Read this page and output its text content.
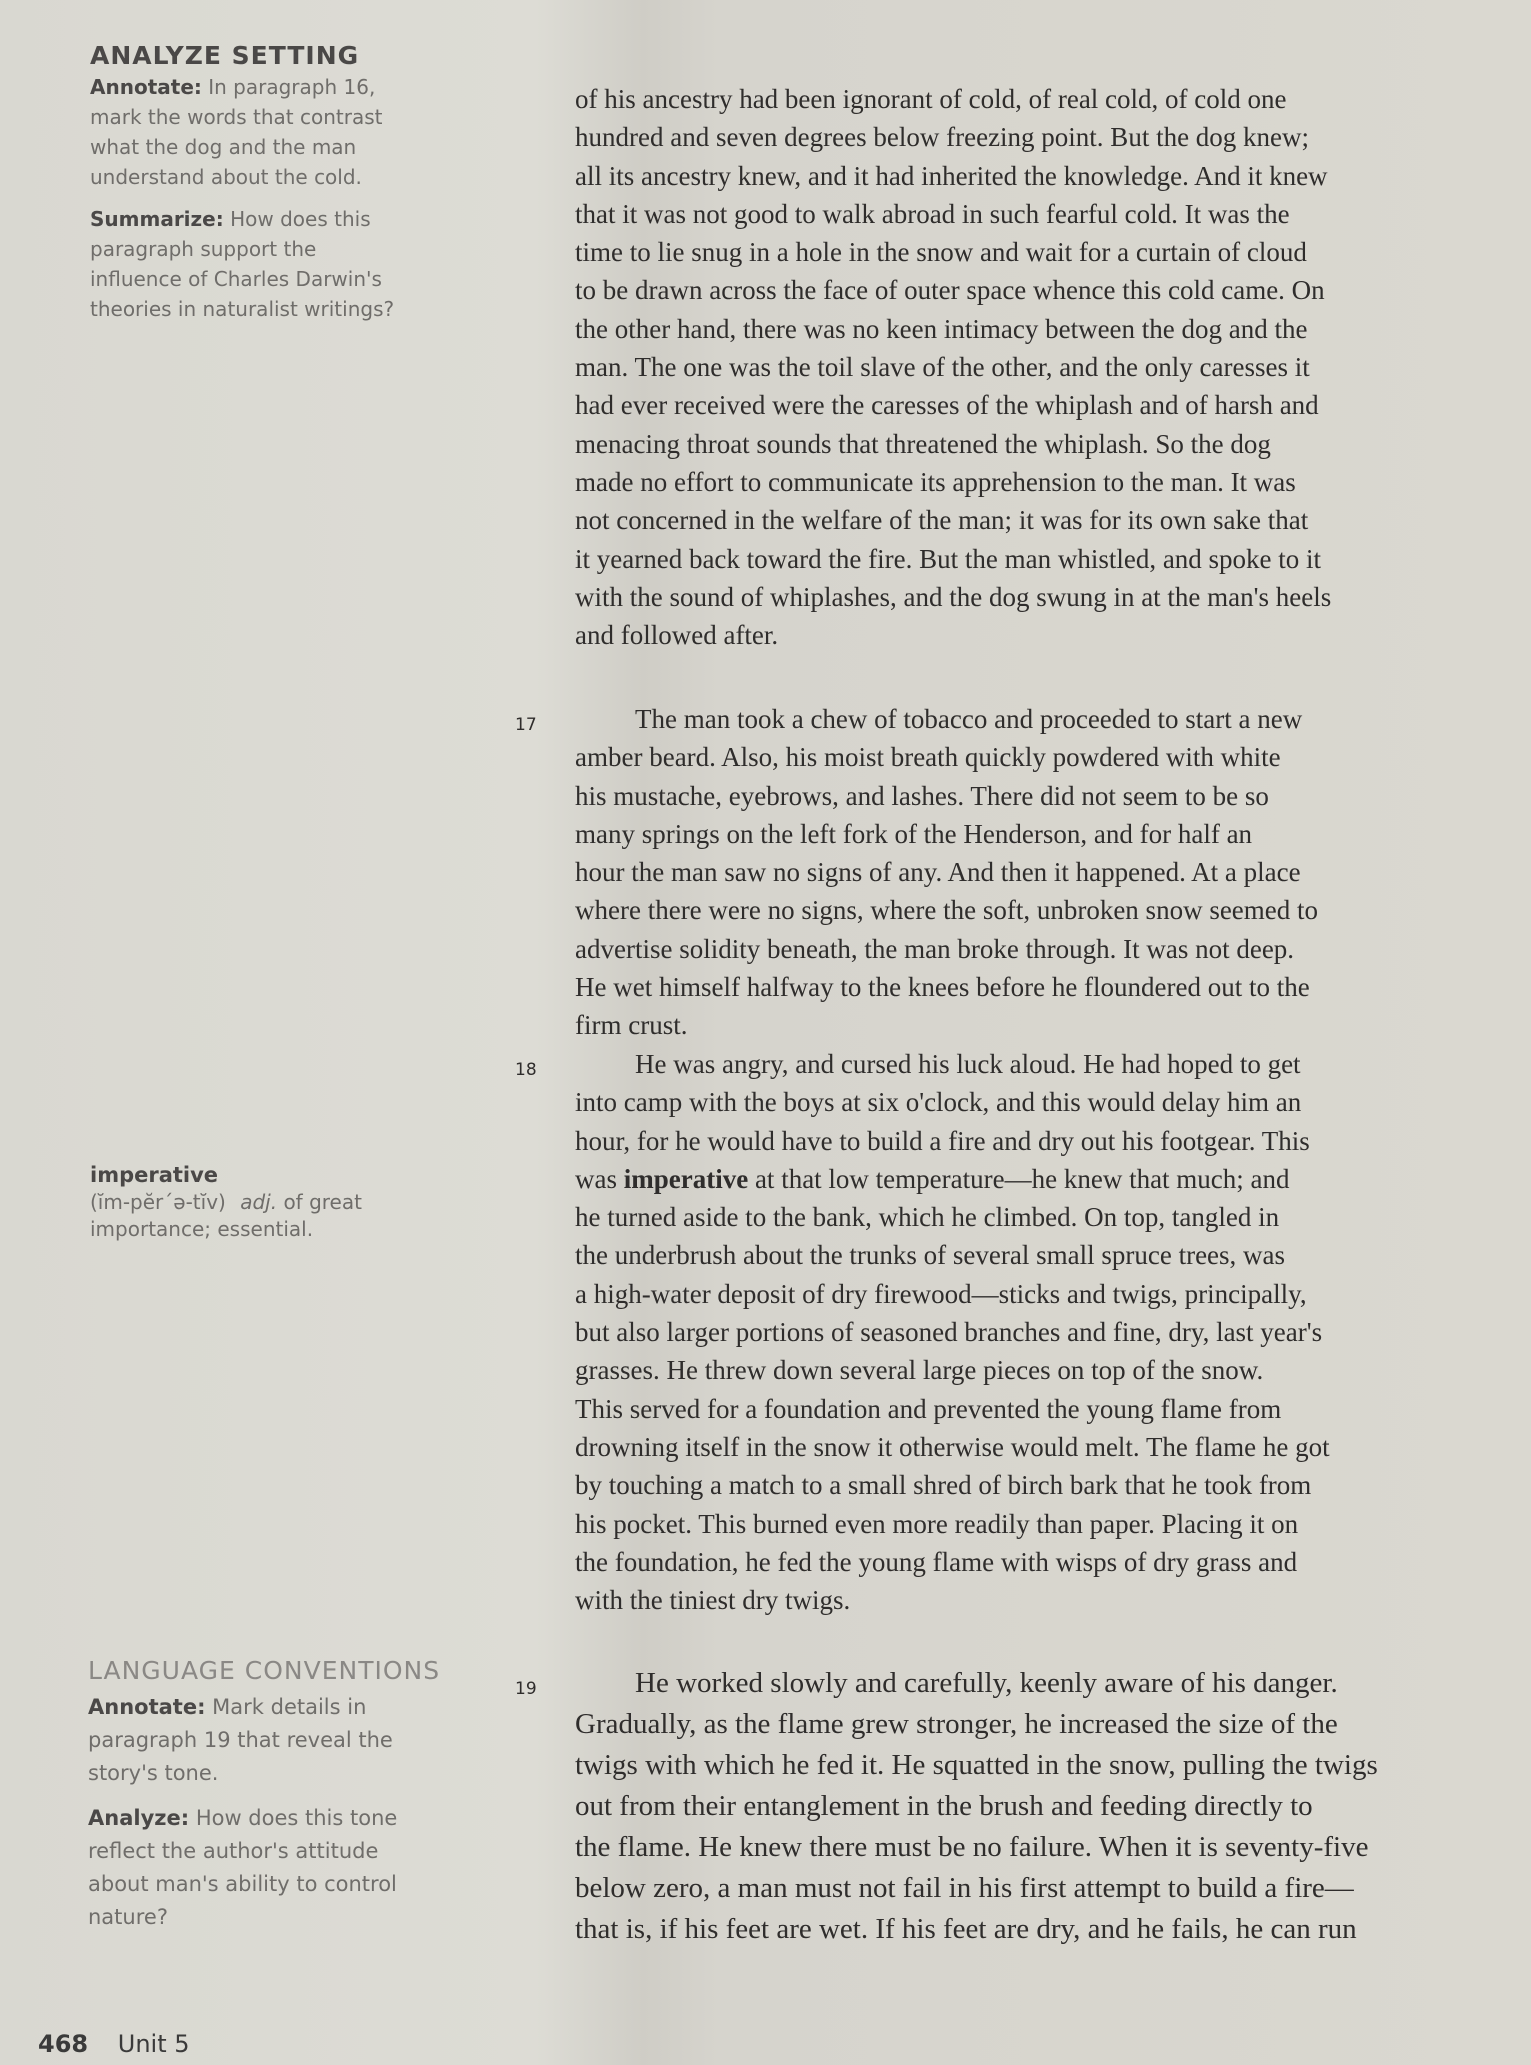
ANALYZE SETTING

Annotate: In paragraph 16,
mark the words that contrast
what the dog and the man
understand about the cold.

Summarize: How does this
paragraph support the
influence of Charles Darwin's
theories in naturalist writings?

imperative
(ĭm-pĕr´ə-tĭv) adj. of great
importance; essential.
LANGUAGE CONVENTIONS

Annotate: Mark details in
paragraph 19 that reveal the
story's tone.

Analyze: How does this tone
reflect the author's attitude
about man's ability to control
nature?

of his ancestry had been ignorant of cold, of real cold, of cold one
hundred and seven degrees below freezing point. But the dog knew;
all its ancestry knew, and it had inherited the knowledge. And it knew
that it was not good to walk abroad in such fearful cold. It was the
time to lie snug in a hole in the snow and wait for a curtain of cloud
to be drawn across the face of outer space whence this cold came. On
the other hand, there was no keen intimacy between the dog and the
man. The one was the toil slave of the other, and the only caresses it
had ever received were the caresses of the whiplash and of harsh and
menacing throat sounds that threatened the whiplash. So the dog
made no effort to communicate its apprehension to the man. It was
not concerned in the welfare of the man; it was for its own sake that
it yearned back toward the fire. But the man whistled, and spoke to it
with the sound of whiplashes, and the dog swung in at the man's heels
and followed after.
17	The man took a chew of tobacco and proceeded to start a new
amber beard. Also, his moist breath quickly powdered with white
his mustache, eyebrows, and lashes. There did not seem to be so
many springs on the left fork of the Henderson, and for half an
hour the man saw no signs of any. And then it happened. At a place
where there were no signs, where the soft, unbroken snow seemed to
advertise solidity beneath, the man broke through. It was not deep.
He wet himself halfway to the knees before he floundered out to the
firm crust.
18	He was angry, and cursed his luck aloud. He had hoped to get
into camp with the boys at six o'clock, and this would delay him an
hour, for he would have to build a fire and dry out his footgear. This
was imperative at that low temperature—he knew that much; and
he turned aside to the bank, which he climbed. On top, tangled in
the underbrush about the trunks of several small spruce trees, was
a high-water deposit of dry firewood—sticks and twigs, principally,
but also larger portions of seasoned branches and fine, dry, last year's
grasses. He threw down several large pieces on top of the snow.
This served for a foundation and prevented the young flame from
drowning itself in the snow it otherwise would melt. The flame he got
by touching a match to a small shred of birch bark that he took from
his pocket. This burned even more readily than paper. Placing it on
the foundation, he fed the young flame with wisps of dry grass and
with the tiniest dry twigs.
19	He worked slowly and carefully, keenly aware of his danger.
Gradually, as the flame grew stronger, he increased the size of the
twigs with which he fed it. He squatted in the snow, pulling the twigs
out from their entanglement in the brush and feeding directly to
the flame. He knew there must be no failure. When it is seventy-five
below zero, a man must not fail in his first attempt to build a fire—
that is, if his feet are wet. If his feet are dry, and he fails, he can run
468 Unit 5
